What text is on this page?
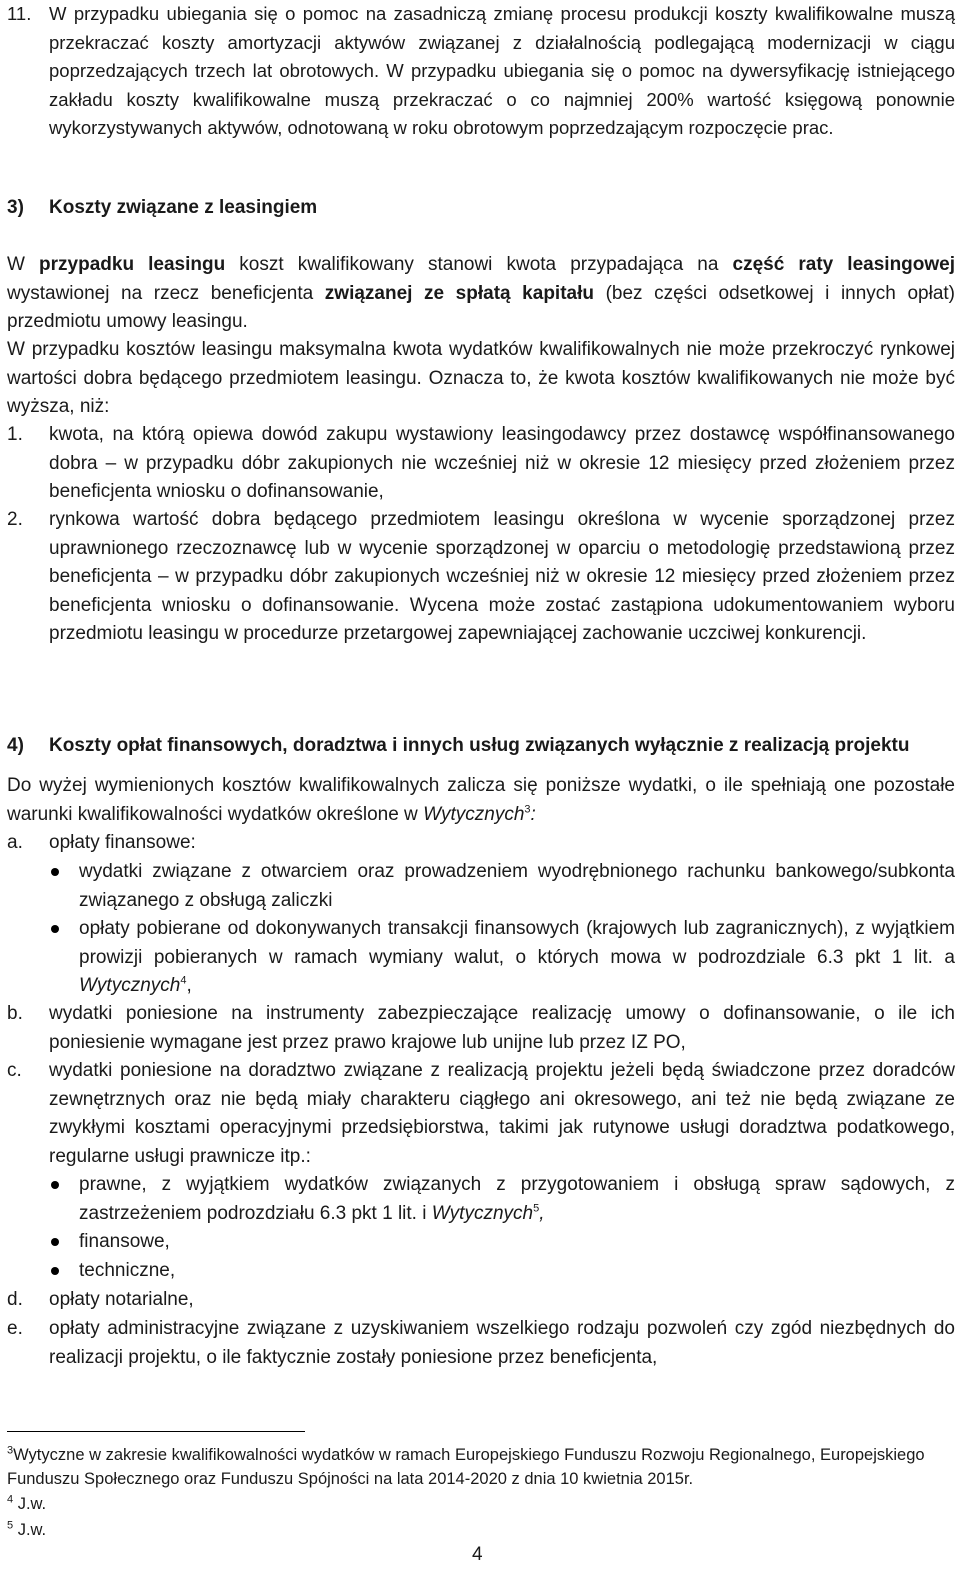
11. W przypadku ubiegania się o pomoc na zasadniczą zmianę procesu produkcji koszty kwalifikowalne muszą przekraczać koszty amortyzacji aktywów związanej z działalnością podlegającą modernizacji w ciągu poprzedzających trzech lat obrotowych. W przypadku ubiegania się o pomoc na dywersyfikację istniejącego zakładu koszty kwalifikowalne muszą przekraczać o co najmniej 200% wartość księgową ponownie wykorzystywanych aktywów, odnotowaną w roku obrotowym poprzedzającym rozpoczęcie prac.
3) Koszty związane z leasingiem
W przypadku leasingu koszt kwalifikowany stanowi kwota przypadająca na część raty leasingowej wystawionej na rzecz beneficjenta związanej ze spłatą kapitału (bez części odsetkowej i innych opłat) przedmiotu umowy leasingu.
W przypadku kosztów leasingu maksymalna kwota wydatków kwalifikowalnych nie może przekroczyć rynkowej wartości dobra będącego przedmiotem leasingu. Oznacza to, że kwota kosztów kwalifikowanych nie może być wyższa, niż:
1. kwota, na którą opiewa dowód zakupu wystawiony leasingodawcy przez dostawcę współfinansowanego dobra – w przypadku dóbr zakupionych nie wcześniej niż w okresie 12 miesięcy przed złożeniem przez beneficjenta wniosku o dofinansowanie,
2. rynkowa wartość dobra będącego przedmiotem leasingu określona w wycenie sporządzonej przez uprawnionego rzeczoznawcę lub w wycenie sporządzonej w oparciu o metodologię przedstawioną przez beneficjenta – w przypadku dóbr zakupionych wcześniej niż w okresie 12 miesięcy przed złożeniem przez beneficjenta wniosku o dofinansowanie. Wycena może zostać zastąpiona udokumentowaniem wyboru przedmiotu leasingu w procedurze przetargowej zapewniającej zachowanie uczciwej konkurencji.
4) Koszty opłat finansowych, doradztwa i innych usług związanych wyłącznie z realizacją projektu
Do wyżej wymienionych kosztów kwalifikowalnych zalicza się poniższe wydatki, o ile spełniają one pozostałe warunki kwalifikowalności wydatków określone w Wytycznych$^3$:
a. opłaty finansowe:
wydatki związane z otwarciem oraz prowadzeniem wyodrębnionego rachunku bankowego/subkonta związanego z obsługą zaliczki
opłaty pobierane od dokonywanych transakcji finansowych (krajowych lub zagranicznych), z wyjątkiem prowizji pobieranych w ramach wymiany walut, o których mowa w podrozdziale 6.3 pkt 1 lit. a Wytycznych$^4$,
b. wydatki poniesione na instrumenty zabezpieczające realizację umowy o dofinansowanie, o ile ich poniesienie wymagane jest przez prawo krajowe lub unijne lub przez IZ PO,
c. wydatki poniesione na doradztwo związane z realizacją projektu jeżeli będą świadczone przez doradców zewnętrznych oraz nie będą miały charakteru ciągłego ani okresowego, ani też nie będą związane ze zwykłymi kosztami operacyjnymi przedsiębiorstwa, takimi jak rutynowe usługi doradztwa podatkowego, regularne usługi prawnicze itp.:
prawne, z wyjątkiem wydatków związanych z przygotowaniem i obsługą spraw sądowych, z zastrzeżeniem podrozdziału 6.3 pkt 1 lit. i Wytycznych$^5$,
finansowe,
techniczne,
d. opłaty notarialne,
e. opłaty administracyjne związane z uzyskiwaniem wszelkiego rodzaju pozwoleń czy zgód niezbędnych do realizacji projektu, o ile faktycznie zostały poniesione przez beneficjenta,
$^3$Wytyczne w zakresie kwalifikowalności wydatków w ramach Europejskiego Funduszu Rozwoju Regionalnego, Europejskiego Funduszu Społecznego oraz Funduszu Spójności na lata 2014-2020 z dnia 10 kwietnia 2015r.
$^4$ J.w.
$^5$ J.w.
4
